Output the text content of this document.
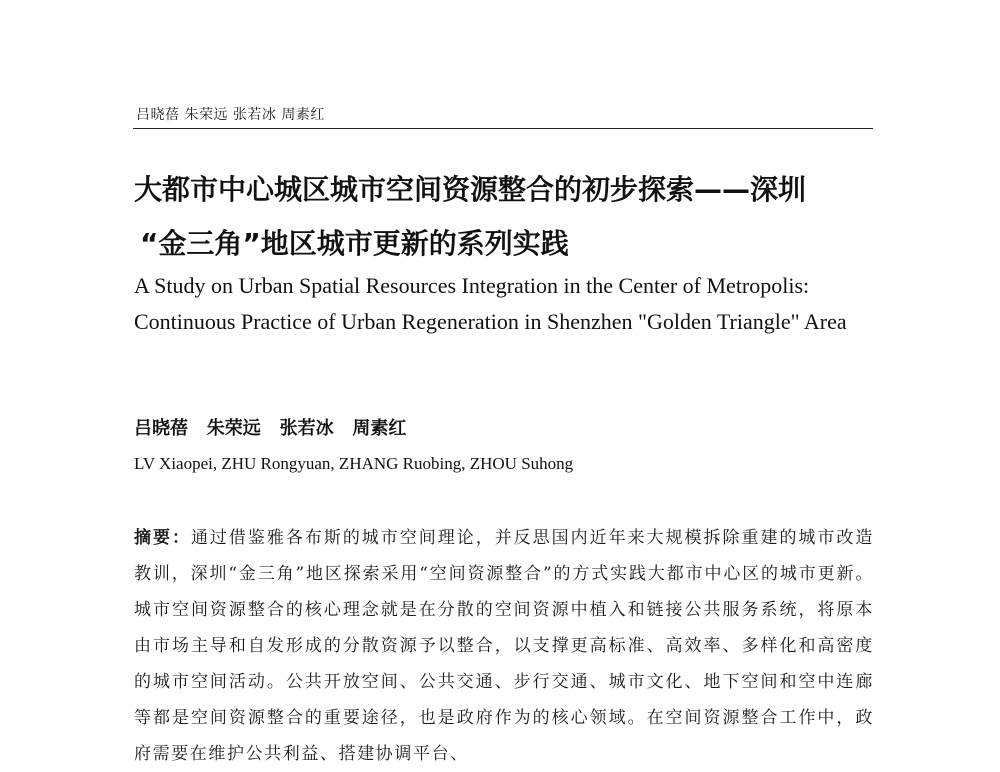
吕晓蓓 朱荣远 张若冰 周素红
大都市中心城区城市空间资源整合的初步探索——深圳
“金三角”地区城市更新的系列实践

A Study on Urban Spatial Resources Integration in the Center of Metropolis: Continuous Practice of Urban Regeneration in Shenzhen "Golden Triangle" Area

吕晓蓓   朱荣远   张若冰   周素红
LV Xiaopei, ZHU Rongyuan, ZHANG Ruobing, ZHOU Suhong

摘要：通过借鉴雅各布斯的城市空间理论，并反思国内近年来大规模拆除重建的城市改造教训，深圳“金三角”地区探索采用“空间资源整合”的方式实践大都市中心区的城市更新。城市空间资源整合的核心理念就是在分散的空间资源中植入和链接公共服务系统，将原本由市场主导和自发形成的分散资源予以整合，以支撑更高标准、高效率、多样化和高密度的城市空间活动。公共开放空间、公共交通、步行交通、城市文化、地下空间和空中连廊等都是空间资源整合的重要途径，也是政府作为的核心领域。在空间资源整合工作中，政府需要在维护公共利益、搭建协调平台、
